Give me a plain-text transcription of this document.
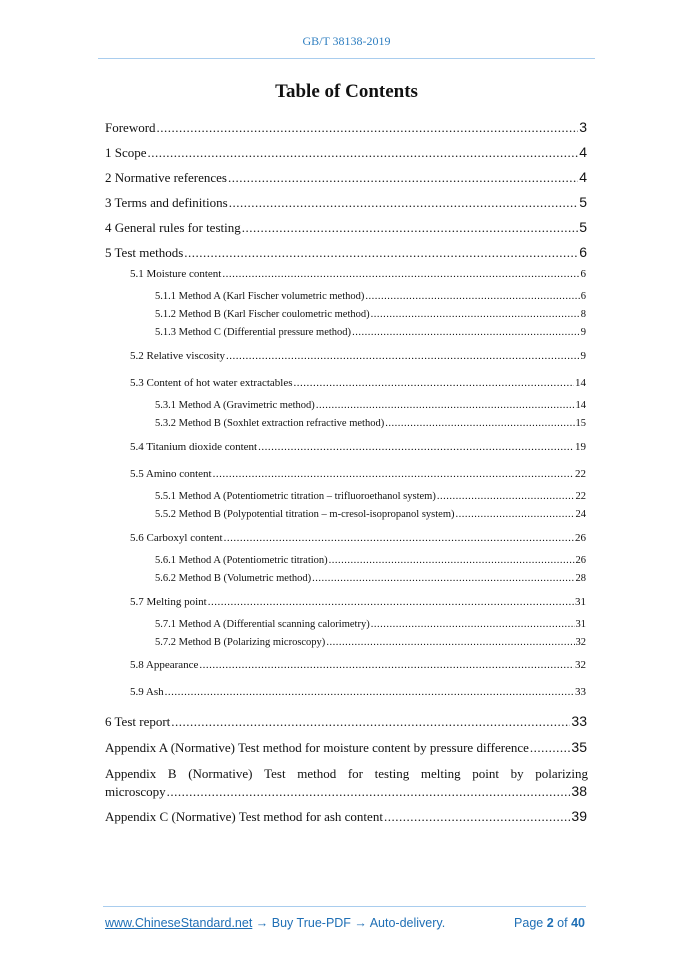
GB/T 38138-2019
Table of Contents
Foreword .....	3
1 Scope .....	4
2 Normative references .....	4
3 Terms and definitions .....	5
4 General rules for testing .....	5
5 Test methods .....	6
5.1 Moisture content .....	6
5.1.1 Method A (Karl Fischer volumetric method) .....	6
5.1.2 Method B (Karl Fischer coulometric method) .....	8
5.1.3 Method C (Differential pressure method) .....	9
5.2 Relative viscosity .....	9
5.3 Content of hot water extractables .....	14
5.3.1 Method A (Gravimetric method) .....	14
5.3.2 Method B (Soxhlet extraction refractive method) .....	15
5.4 Titanium dioxide content .....	19
5.5 Amino content .....	22
5.5.1 Method A (Potentiometric titration – trifluoroethanol system) .....	22
5.5.2 Method B (Polypotential titration – m-cresol-isopropanol system) .....	24
5.6 Carboxyl content .....	26
5.6.1 Method A (Potentiometric titration) .....	26
5.6.2 Method B (Volumetric method) .....	28
5.7 Melting point .....	31
5.7.1 Method A (Differential scanning calorimetry) .....	31
5.7.2 Method B (Polarizing microscopy) .....	32
5.8 Appearance .....	32
5.9 Ash .....	33
6 Test report .....	33
Appendix A (Normative) Test method for moisture content by pressure difference .....	35
Appendix B (Normative) Test method for testing melting point by polarizing
microscopy .....	38
Appendix C (Normative) Test method for ash content .....	39
www.ChineseStandard.net → Buy True-PDF → Auto-delivery.	Page 2 of 40
